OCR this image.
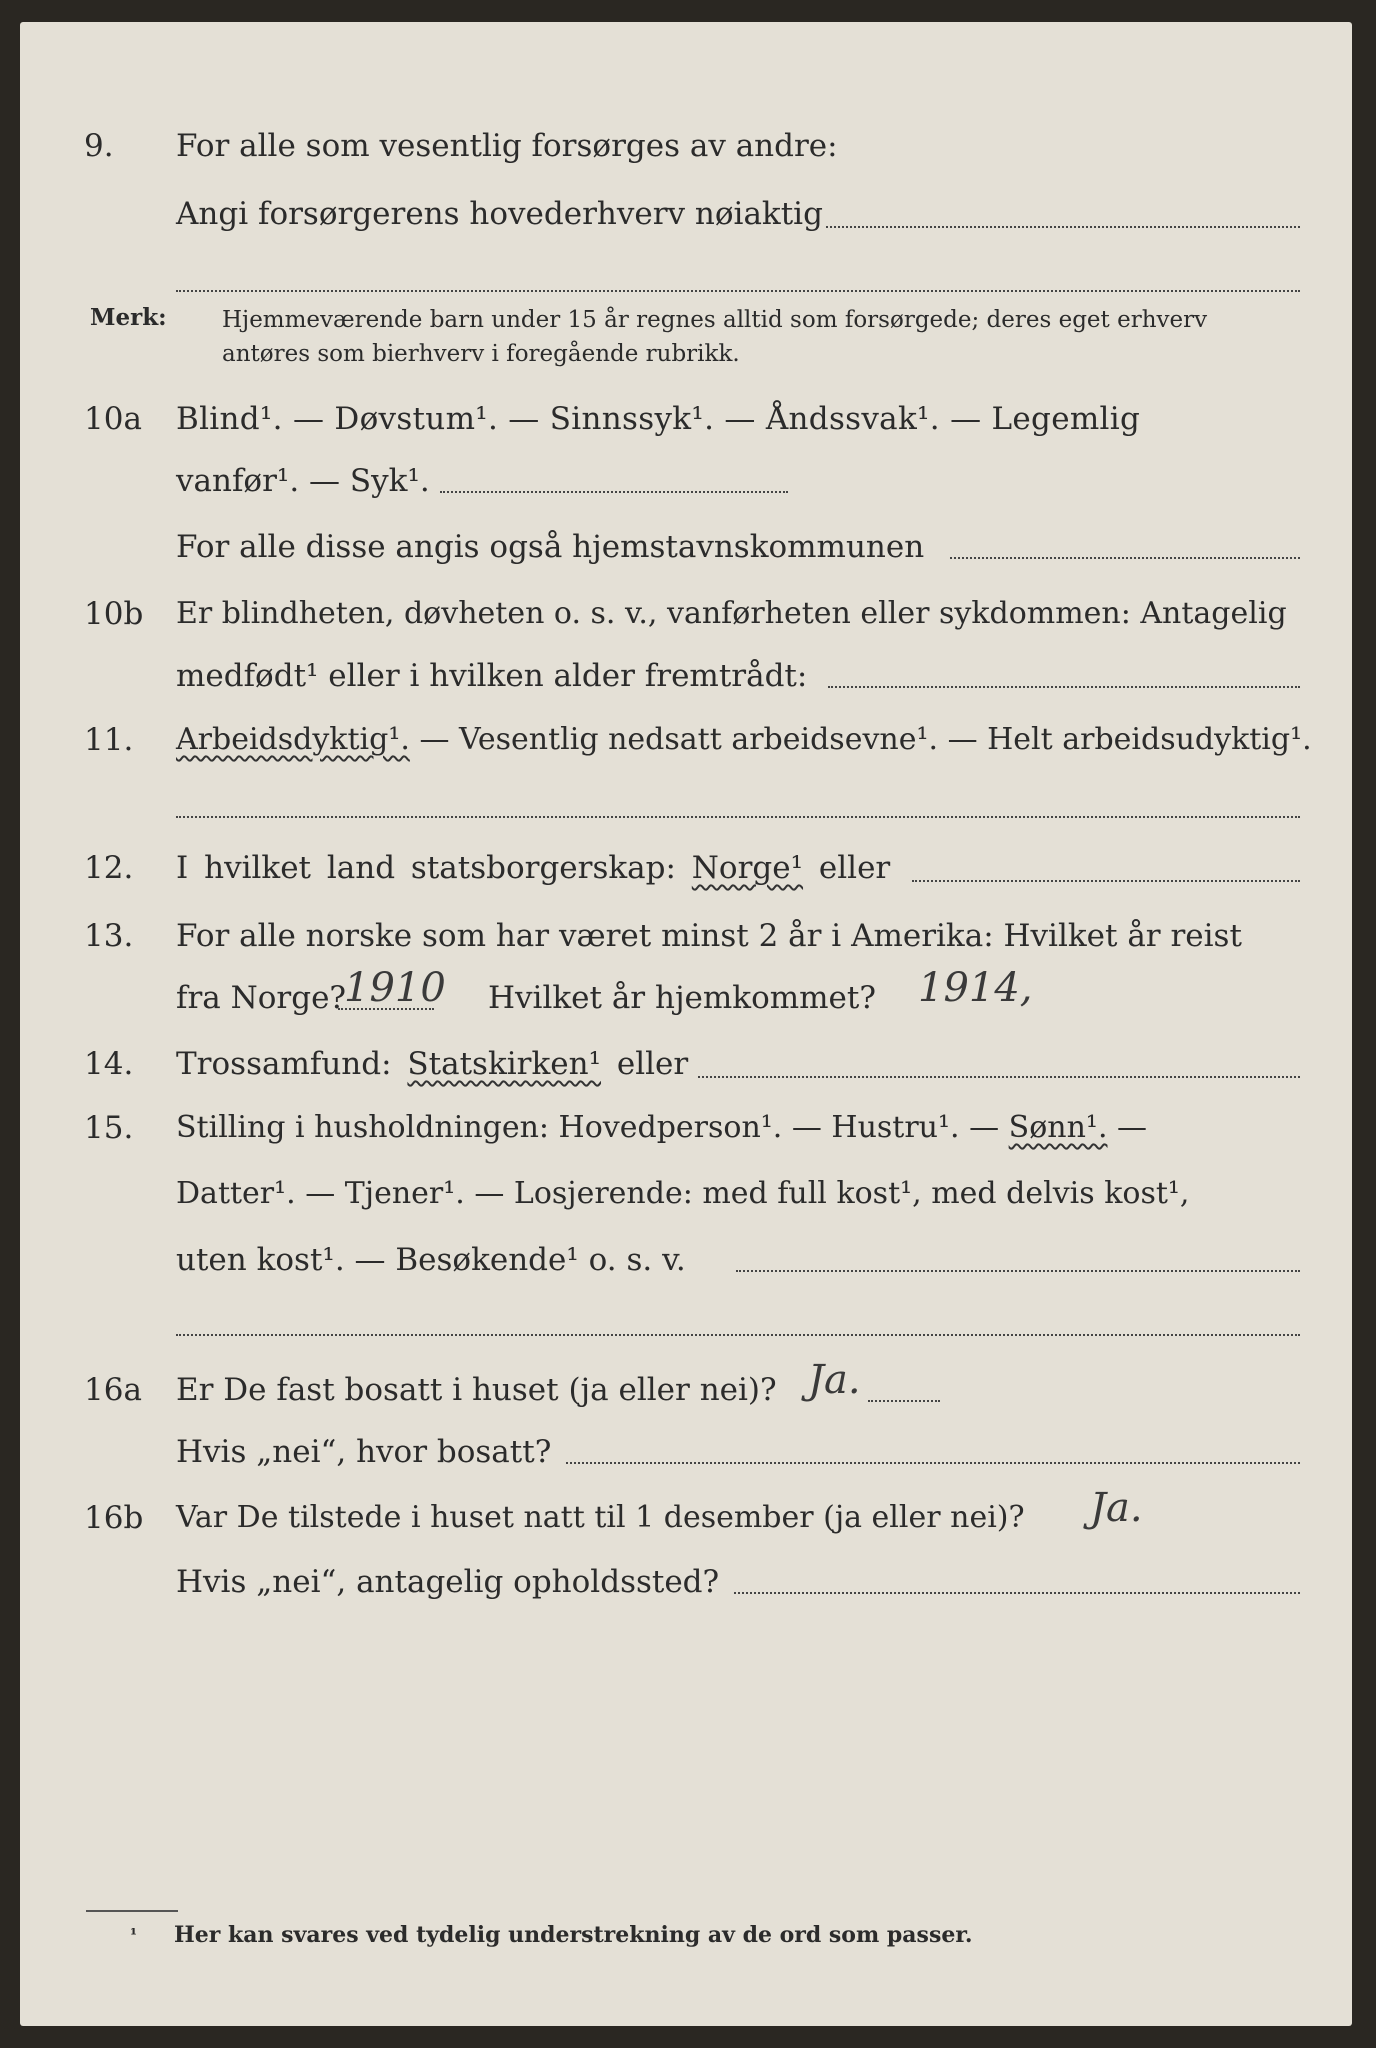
9. For alle som vesentlig forsørges av andre:
Angi forsørgerens hovederhverv nøiaktig
Merk: Hjemmeværende barn under 15 år regnes alltid som forsørgede; deres eget erhverv
antøres som bierhverv i foregående rubrikk.
10a Blind¹. — Døvstum¹. — Sinnssyk¹. — Åndssvak¹. — Legemlig
vanfør¹. — Syk¹.
For alle disse angis også hjemstavnskommunen
10b Er blindheten, døvheten o. s. v., vanførheten eller sykdommen: Antagelig
medfødt¹ eller i hvilken alder fremtrådt:
11. Arbeidsdyktig¹. — Vesentlig nedsatt arbeidsevne¹. — Helt arbeidsudyktig¹.
12. I hvilket land statsborgerskap: Norge¹ eller
13. For alle norske som har været minst 2 år i Amerika: Hvilket år reist
fra Norge?
1910 Hvilket år hjemkommet? 1914,
14. Trossamfund: Statskirken¹ eller
15. Stilling i husholdningen: Hovedperson¹. — Hustru¹. — Sønn¹. —
Datter¹. — Tjener¹. — Losjerende: med full kost¹, med delvis kost¹,
uten kost¹. — Besøkende¹ o. s. v.
16a Er De fast bosatt i huset (ja eller nei)? Ja.
Hvis „nei“, hvor bosatt?
16b Var De tilstede i huset natt til 1 desember (ja eller nei)? Ja.
Hvis „nei“, antagelig opholdssted?
¹ Her kan svares ved tydelig understrekning av de ord som passer.
